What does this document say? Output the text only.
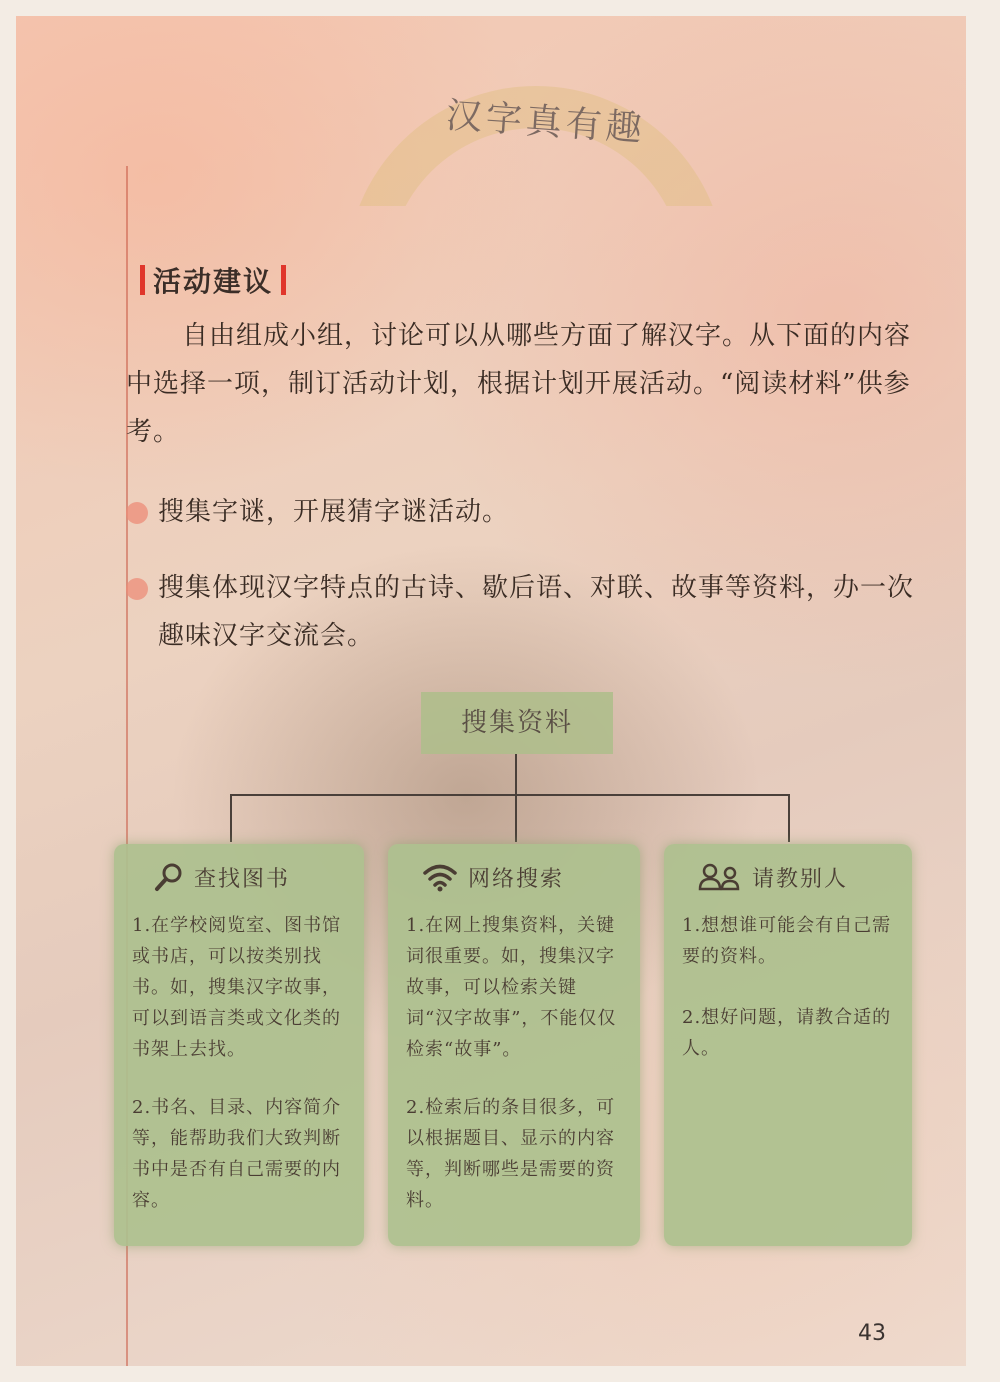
汉字真有趣
活动建议
自由组成小组，讨论可以从哪些方面了解汉字。从下面的内容中选择一项，制订活动计划，根据计划开展活动。“阅读材料”供参考。
搜集字谜，开展猜字谜活动。
搜集体现汉字特点的古诗、歇后语、对联、故事等资料，办一次趣味汉字交流会。
搜集资料
查找图书
1.在学校阅览室、图书馆或书店，可以按类别找书。如，搜集汉字故事，可以到语言类或文化类的书架上去找。
2.书名、目录、内容简介等，能帮助我们大致判断书中是否有自己需要的内容。
网络搜索
1.在网上搜集资料，关键词很重要。如，搜集汉字故事，可以检索关键词“汉字故事”，不能仅仅检索“故事”。
2.检索后的条目很多，可以根据题目、显示的内容等，判断哪些是需要的资料。
请教别人
1.想想谁可能会有自己需要的资料。
2.想好问题，请教合适的人。
43
